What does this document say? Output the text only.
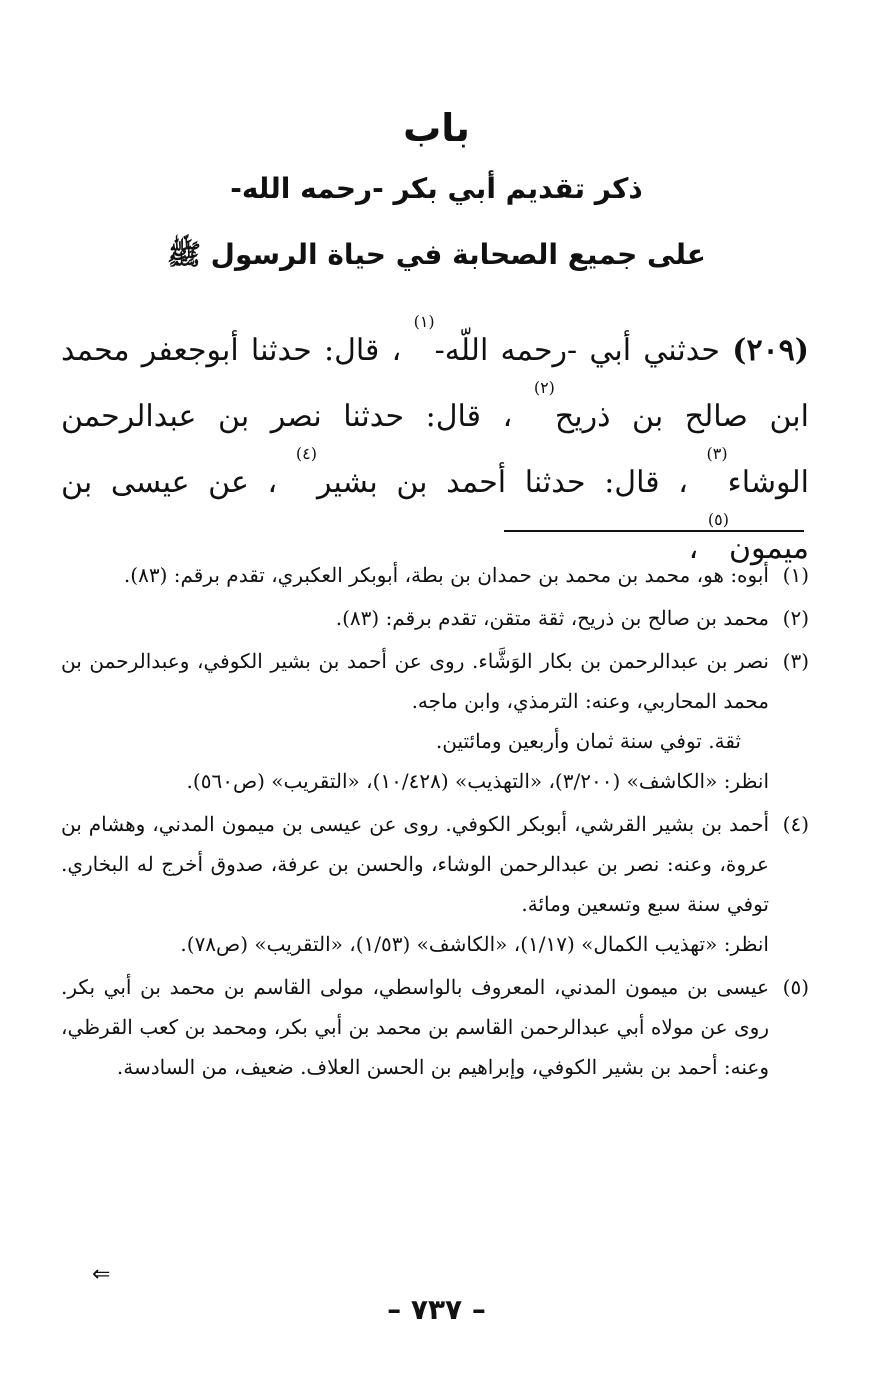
باب
ذكر تقديم أبي بكر -رحمه الله-
على جميع الصحابة في حياة الرسول ﷺ

(٢٠٩) حدثني أبي -رحمه اللّه-$^{(١)}$ ، قال: حدثنا أبوجعفر محمد ابن صالح بن ذريح$^{(٢)}$ ، قال: حدثنا نصر بن عبدالرحمن الوشاء$^{(٣)}$ ، قال: حدثنا أحمد بن بشير$^{(٤)}$ ، عن عيسى بن ميمون$^{(٥)}$ ،

(١)

أبوه: هو، محمد بن محمد بن حمدان بن بطة، أبوبكر العكبري، تقدم برقم: (٨٣).

(٢)

محمد بن صالح بن ذريح، ثقة متقن، تقدم برقم: (٨٣).

(٣)

نصر بن عبدالرحمن بن بكار الوَشَّاء. روى عن أحمد بن بشير الكوفي، وعبدالرحمن بن محمد المحاربي، وعنه: الترمذي، وابن ماجه.

ثقة. توفي سنة ثمان وأربعين ومائتين.

انظر: «الكاشف» (٣/٢٠٠)، «التهذيب» (١٠/٤٢٨)، «التقريب» (ص٥٦٠).

(٤)

أحمد بن بشير القرشي، أبوبكر الكوفي. روى عن عيسى بن ميمون المدني، وهشام بن عروة، وعنه: نصر بن عبدالرحمن الوشاء، والحسن بن عرفة، صدوق أخرج له البخاري. توفي سنة سبع وتسعين ومائة.

انظر: «تهذيب الكمال» (١/١٧)، «الكاشف» (١/٥٣)، «التقريب» (ص٧٨).

(٥)

عيسى بن ميمون المدني، المعروف بالواسطي، مولى القاسم بن محمد بن أبي بكر. روى عن مولاه أبي عبدالرحمن القاسم بن محمد بن أبي بكر، ومحمد بن كعب القرظي، وعنه: أحمد بن بشير الكوفي، وإبراهيم بن الحسن العلاف. ضعيف، من السادسة.

⇐
– ٧٣٧ –
